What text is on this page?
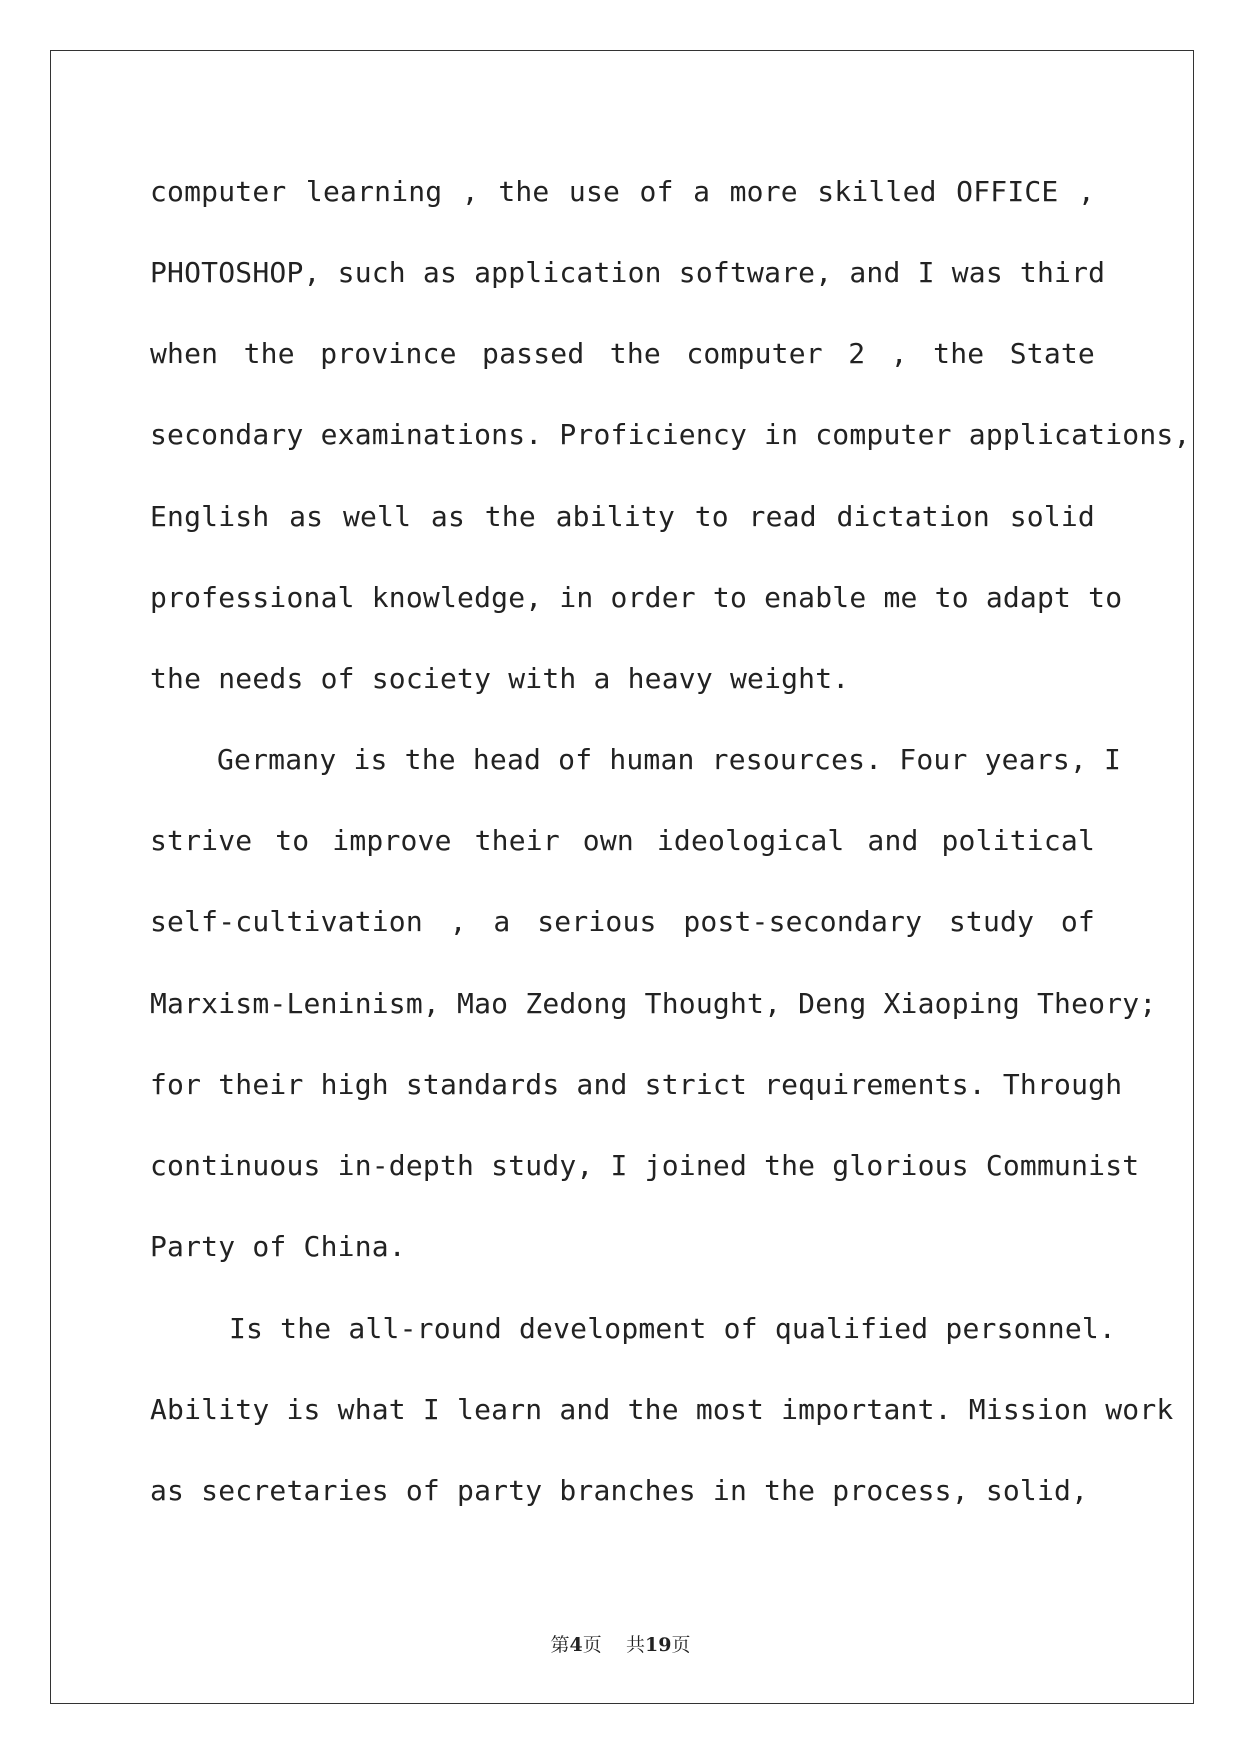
computer learning , the use of a more skilled OFFICE ,
PHOTOSHOP, such as application software, and I was third
when the province passed the computer 2 , the State
secondary examinations. Proficiency in computer applications,
English as well as the ability to read dictation solid
professional knowledge, in order to enable me to adapt to
the needs of society with a heavy weight.
Germany is the head of human resources. Four years, I
strive to improve their own ideological and political
self-cultivation , a serious post-secondary study of
Marxism-Leninism, Mao Zedong Thought, Deng Xiaoping Theory;
for their high standards and strict requirements. Through
continuous in-depth study, I joined the glorious Communist
Party of China.
Is the all-round development of qualified personnel.
Ability is what I learn and the most important. Mission work
as secretaries of party branches in the process, solid,
第4页 共19页
